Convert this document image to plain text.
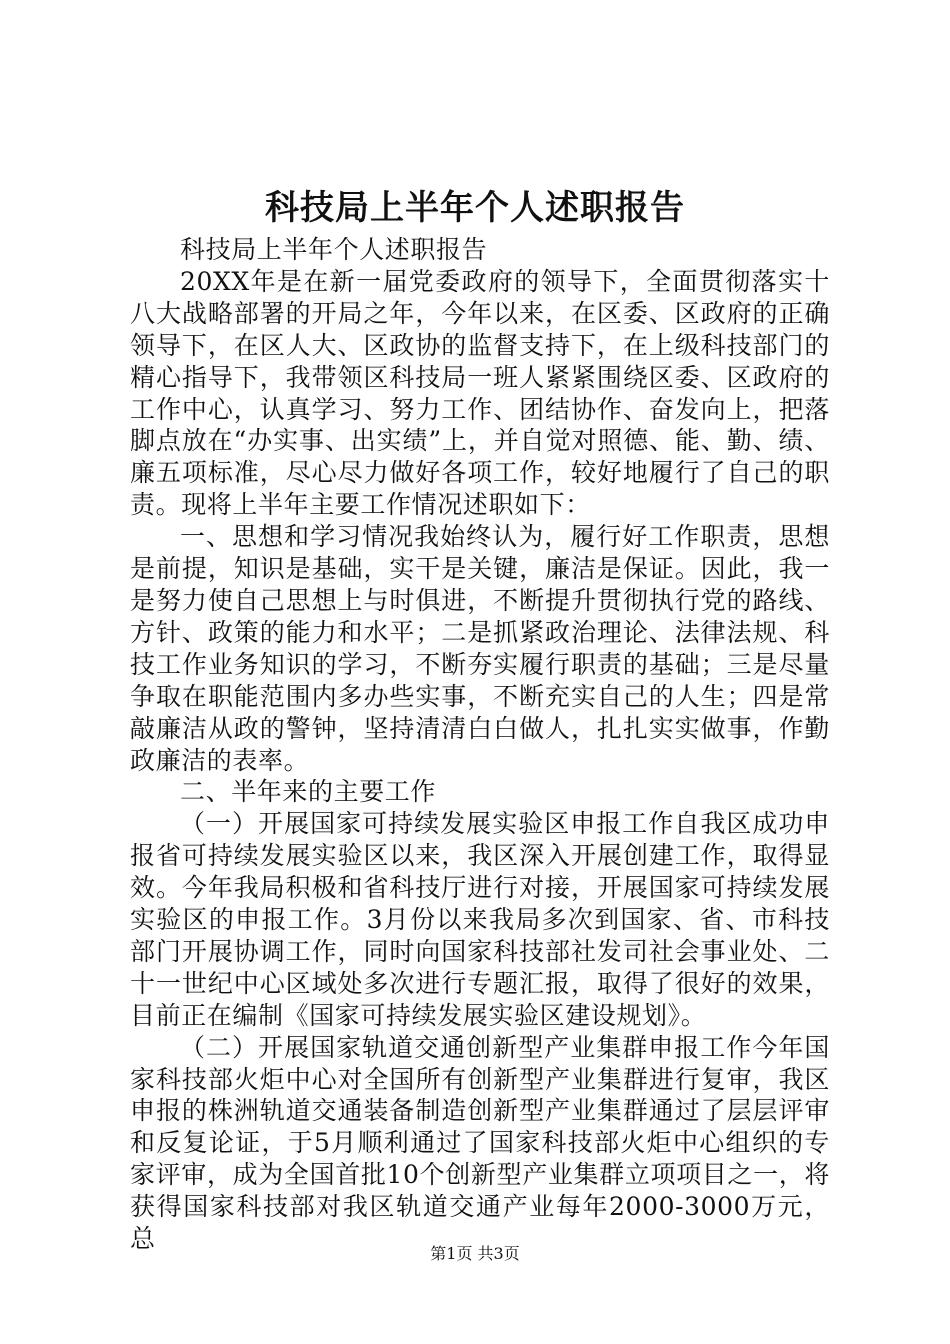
科技局上半年个人述职报告

科技局上半年个人述职报告

20XX年是在新一届党委政府的领导下，全面贯彻落实十八大战略部署的开局之年，今年以来，在区委、区政府的正确领导下，在区人大、区政协的监督支持下，在上级科技部门的精心指导下，我带领区科技局一班人紧紧围绕区委、区政府的工作中心，认真学习、努力工作、团结协作、奋发向上，把落脚点放在“办实事、出实绩”上，并自觉对照德、能、勤、绩、廉五项标准，尽心尽力做好各项工作，较好地履行了自己的职责。现将上半年主要工作情况述职如下：

一、思想和学习情况我始终认为，履行好工作职责，思想是前提，知识是基础，实干是关键，廉洁是保证。因此，我一是努力使自己思想上与时俱进，不断提升贯彻执行党的路线、方针、政策的能力和水平；二是抓紧政治理论、法律法规、科技工作业务知识的学习，不断夯实履行职责的基础；三是尽量争取在职能范围内多办些实事，不断充实自己的人生；四是常敲廉洁从政的警钟，坚持清清白白做人，扎扎实实做事，作勤政廉洁的表率。

二、半年来的主要工作

（一）开展国家可持续发展实验区申报工作自我区成功申报省可持续发展实验区以来，我区深入开展创建工作，取得显效。今年我局积极和省科技厅进行对接，开展国家可持续发展实验区的申报工作。3月份以来我局多次到国家、省、市科技部门开展协调工作，同时向国家科技部社发司社会事业处、二十一世纪中心区域处多次进行专题汇报，取得了很好的效果，目前正在编制《国家可持续发展实验区建设规划》。

（二）开展国家轨道交通创新型产业集群申报工作今年国家科技部火炬中心对全国所有创新型产业集群进行复审，我区申报的株洲轨道交通装备制造创新型产业集群通过了层层评审和反复论证，于5月顺利通过了国家科技部火炬中心组织的专家评审，成为全国首批10个创新型产业集群立项项目之一，将获得国家科技部对我区轨道交通产业每年2000-3000万元，总

第1页 共3页
